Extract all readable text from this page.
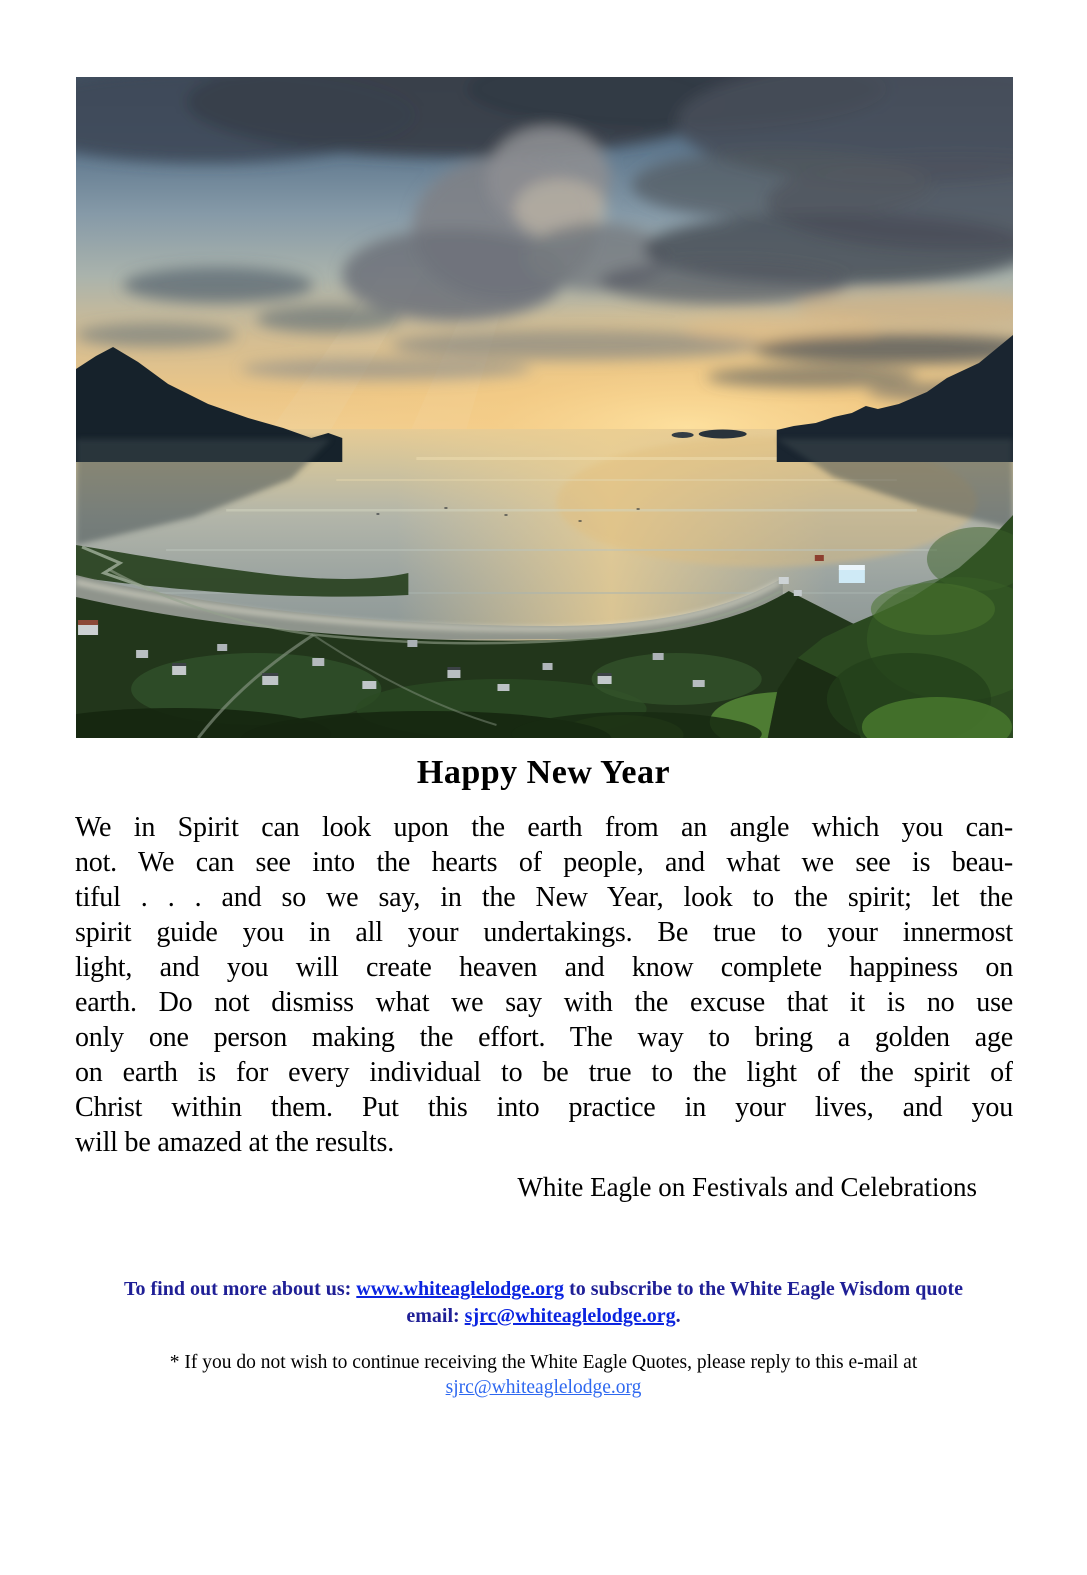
Happy New Year
We in Spirit can look upon the earth from an angle which you can-
not. We can see into the hearts of people, and what we see is beau-
tiful . . . and so we say, in the New Year, look to the spirit; let the
spirit guide you in all your undertakings. Be true to your innermost
light, and you will create heaven and know complete happiness on
earth. Do not dismiss what we say with the excuse that it is no use
only one person making the effort. The way to bring a golden age
on earth is for every individual to be true to the light of the spirit of
Christ within them. Put this into practice in your lives, and you
will be amazed at the results.
White Eagle on Festivals and Celebrations
To find out more about us: www.whiteaglelodge.org to subscribe to the White Eagle Wisdom quote
email: sjrc@whiteaglelodge.org.
* If you do not wish to continue receiving the White Eagle Quotes, please reply to this e-mail at
sjrc@whiteaglelodge.org
